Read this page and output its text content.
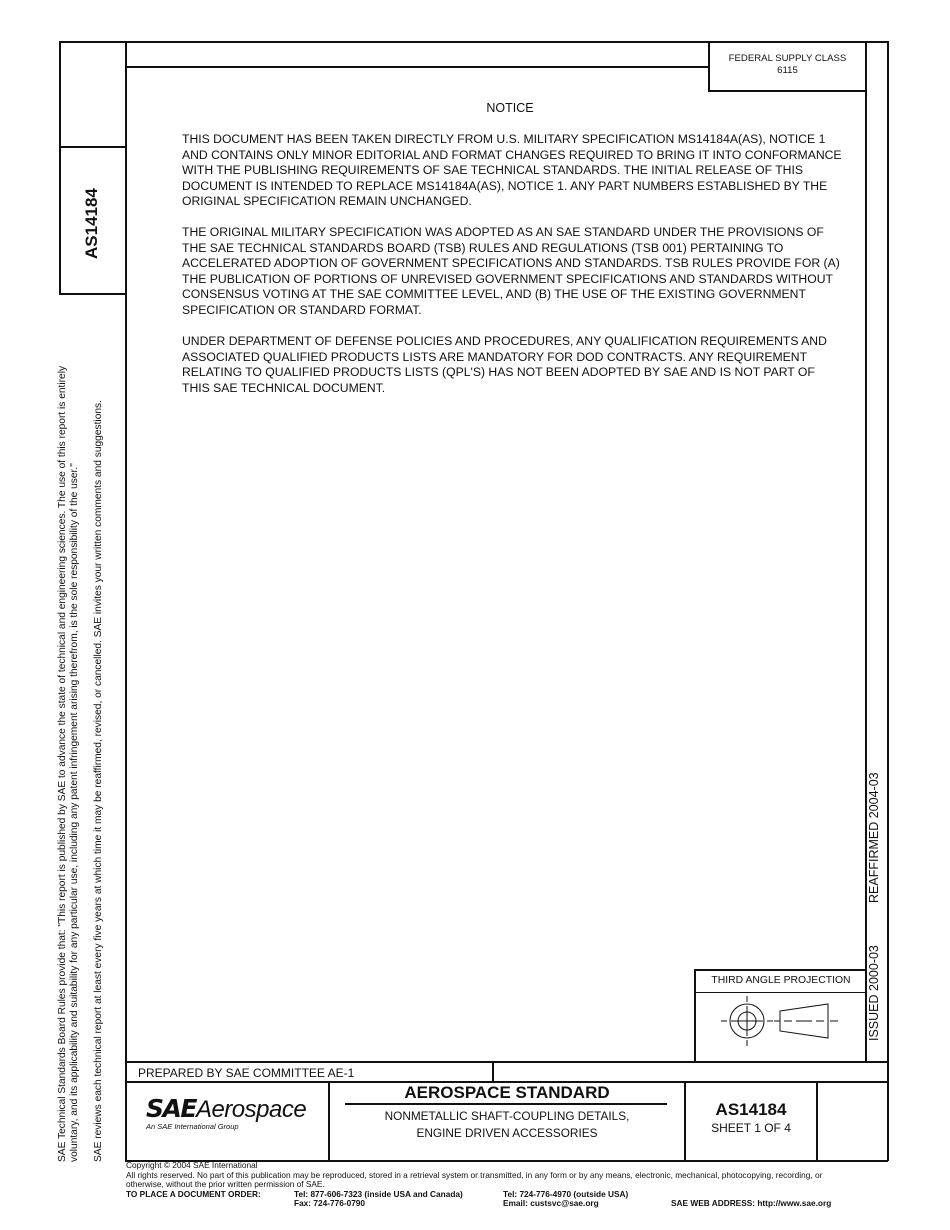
FEDERAL SUPPLY CLASS
6115
AS14184
SAE Technical Standards Board Rules provide that: "This report is published by SAE to advance the state of technical and engineering sciences. The use of this report is entirely voluntary, and its applicability and suitability for any particular use, including any patent infringement arising therefrom, is the sole responsibility of the user." SAE reviews each technical report at least every five years at which time it may be reaffirmed, revised, or cancelled. SAE invites your written comments and suggestions.	ISSUED 2000-03
REAFFIRMED 2004-03
NOTICE

THIS DOCUMENT HAS BEEN TAKEN DIRECTLY FROM U.S. MILITARY SPECIFICATION MS14184A(AS), NOTICE 1 AND CONTAINS ONLY MINOR EDITORIAL AND FORMAT CHANGES REQUIRED TO BRING IT INTO CONFORMANCE WITH THE PUBLISHING REQUIREMENTS OF SAE TECHNICAL STANDARDS. THE INITIAL RELEASE OF THIS DOCUMENT IS INTENDED TO REPLACE MS14184A(AS), NOTICE 1. ANY PART NUMBERS ESTABLISHED BY THE ORIGINAL SPECIFICATION REMAIN UNCHANGED.

THE ORIGINAL MILITARY SPECIFICATION WAS ADOPTED AS AN SAE STANDARD UNDER THE PROVISIONS OF THE SAE TECHNICAL STANDARDS BOARD (TSB) RULES AND REGULATIONS (TSB 001) PERTAINING TO ACCELERATED ADOPTION OF GOVERNMENT SPECIFICATIONS AND STANDARDS. TSB RULES PROVIDE FOR (A) THE PUBLICATION OF PORTIONS OF UNREVISED GOVERNMENT SPECIFICATIONS AND STANDARDS WITHOUT CONSENSUS VOTING AT THE SAE COMMITTEE LEVEL, AND (B) THE USE OF THE EXISTING GOVERNMENT SPECIFICATION OR STANDARD FORMAT.

UNDER DEPARTMENT OF DEFENSE POLICIES AND PROCEDURES, ANY QUALIFICATION REQUIREMENTS AND ASSOCIATED QUALIFIED PRODUCTS LISTS ARE MANDATORY FOR DOD CONTRACTS. ANY REQUIREMENT RELATING TO QUALIFIED PRODUCTS LISTS (QPL'S) HAS NOT BEEN ADOPTED BY SAE AND IS NOT PART OF THIS SAE TECHNICAL DOCUMENT.

THIRD ANGLE PROJECTION
PREPARED BY SAE COMMITTEE AE-1
SAEAerospace
An SAE International Group
AEROSPACE STANDARD
NONMETALLIC SHAFT-COUPLING DETAILS,
ENGINE DRIVEN ACCESSORIES
AS14184
SHEET 1 OF 4
Copyright © 2004 SAE International
All rights reserved. No part of this publication may be reproduced, stored in a retrieval system or transmitted, in any form or by any means, electronic, mechanical, photocopying, recording, or
otherwise, without the prior written permission of SAE.
TO PLACE A DOCUMENT ORDER:	Tel: 877-606-7323 (inside USA and Canada)
Fax: 724-776-0790
Tel: 724-776-4970 (outside USA)
Email: custsvc@sae.org	SAE WEB ADDRESS: http://www.sae.org
